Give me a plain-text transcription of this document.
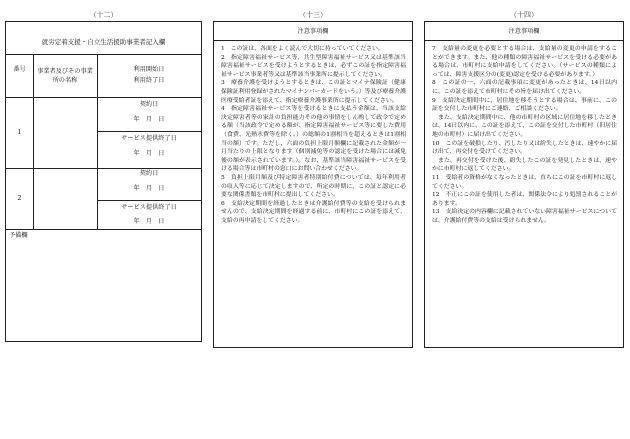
（十二）
就労定着支援・自立生活援助事業者記入欄
番号	事業者及びその事業所の名称
利用開始日
利用終了日
1
契約日
年　月　日
サービス提供終了日
年　月　日
2
契約日
年　月　日
サービス提供終了日
年　月　日
予備欄
（十三）
注意事項欄

1　この証は、各面をよく読んで大切に持っていてください。

2　指定障害福祉サービス等、共生型障害福祉サービス又は基準該当障害福祉サービスを受けようとするときは、必ずこの証を指定障害福祉サービス事業者等又は基準該当事業所に提示してください。

3　療養介護を受けようとするときは、この証とマイナ保険証（健康保険証利用登録がされたマイナンバーカードをいう。）等及び療養介護医療受給者証を添えて、指定療養介護事業所に提示してください。

4　指定障害福祉サービス等を受けるときに支払う金額は、当該支給決定障害者等の家計の負担能力その他の事情をしん酌して政令で定める額（当該政令で定める額が、指定障害福祉サービス等に要した費用（食費、光熱水費等を除く。）の総額の1割相当を超えるときは1割相当の額）です。ただし、六面の負担上限月額欄に記載された金額が一月当たりの上限となります（個別減免等の認定を受けた場合には減免後の額が表示されています。）。なお、基準該当障害福祉サービスを受ける場合等は市町村の窓口にお問い合わせください。

5　負担上限月額及び特定障害者特別給付費については、毎年利用者の収入等に応じて決定しますので、所定の時期に、この証と認定に必要な関係書類を市町村に提出してください。

6　支給決定期間を経過したときは介護給付費等の支給を受けられませんので、支給決定期間を経過する前に、市町村にこの証を添えて、支給の再申請をしてください。

（十四）
注意事項欄

7　支給量の変更を必要とする場合は、支給量の変更の申請をすることができます。また、他の種類の障害福祉サービスを受ける必要がある場合は、市町村に支給申請をしてください。（サービスの種類によっては、障害支援区分の(変更)認定を受ける必要があります。）

8　この証の一、六面の記載事項に変更があったときは、14日以内に、この証を添えて市町村にその旨を届け出てください。

9　支給決定期間中に、居住地を移そうとする場合は、事前に、この証を交付した市町村にご連絡、ご相談ください。

　また、支給決定期間中に、他の市町村の区域に居住地を移したときは、14日以内に、この証を添えて、この証を交付した市町村（旧居住地の市町村）に届け出てください。

10　この証を破損したり、汚したり又は紛失したときは、速やかに届け出て、再交付を受けてください。

　また、再交付を受けた後、紛失したこの証を発見したときは、速やかに市町村に返してください。

11　受給者の資格がなくなったときは、直ちにこの証を市町村に返してください。

12　不正にこの証を使用した者は、関係法令により処罰されることがあります。

13　支給決定の内容欄に記載されていない障害福祉サービスについては、介護給付費等の支給は受けられません。
